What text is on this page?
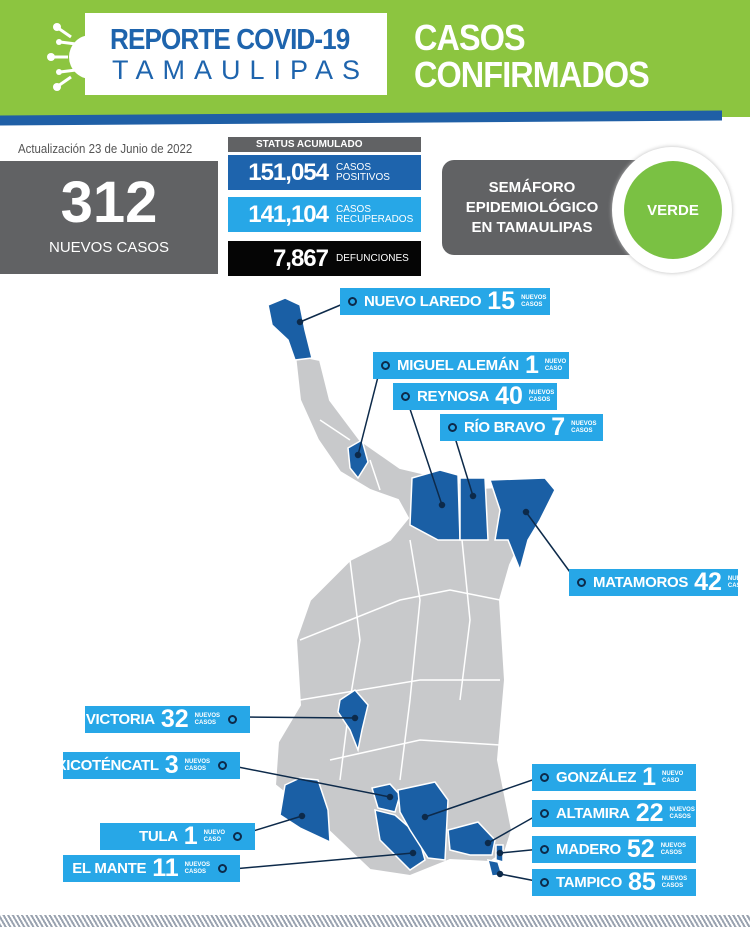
REPORTE COVID-19
TAMAULIPAS
CASOS
CONFIRMADOS
Actualización 23 de Junio de 2022
312
NUEVOS CASOS
STATUS ACUMULADO
151,054 CASOS
POSITIVOS
141,104 CASOS
RECUPERADOS
7,867 DEFUNCIONES
SEMÁFORO
EPIDEMIOLÓGICO
EN TAMAULIPAS
VERDE
NUEVO LAREDO 15 NUEVOS
CASOS
MIGUEL ALEMÁN 1 NUEVO
CASO
REYNOSA 40 NUEVOS
CASOS
RÍO BRAVO 7 NUEVOS
CASOS
MATAMOROS 42 NUEVOS
CASOS
VICTORIA 32 NUEVOS
CASOS
XICOTÉNCATL 3 NUEVOS
CASOS
TULA 1 NUEVO
CASO
EL MANTE 11 NUEVOS
CASOS
GONZÁLEZ 1 NUEVO
CASO
ALTAMIRA 22 NUEVOS
CASOS
MADERO 52 NUEVOS
CASOS
TAMPICO 85 NUEVOS
CASOS
